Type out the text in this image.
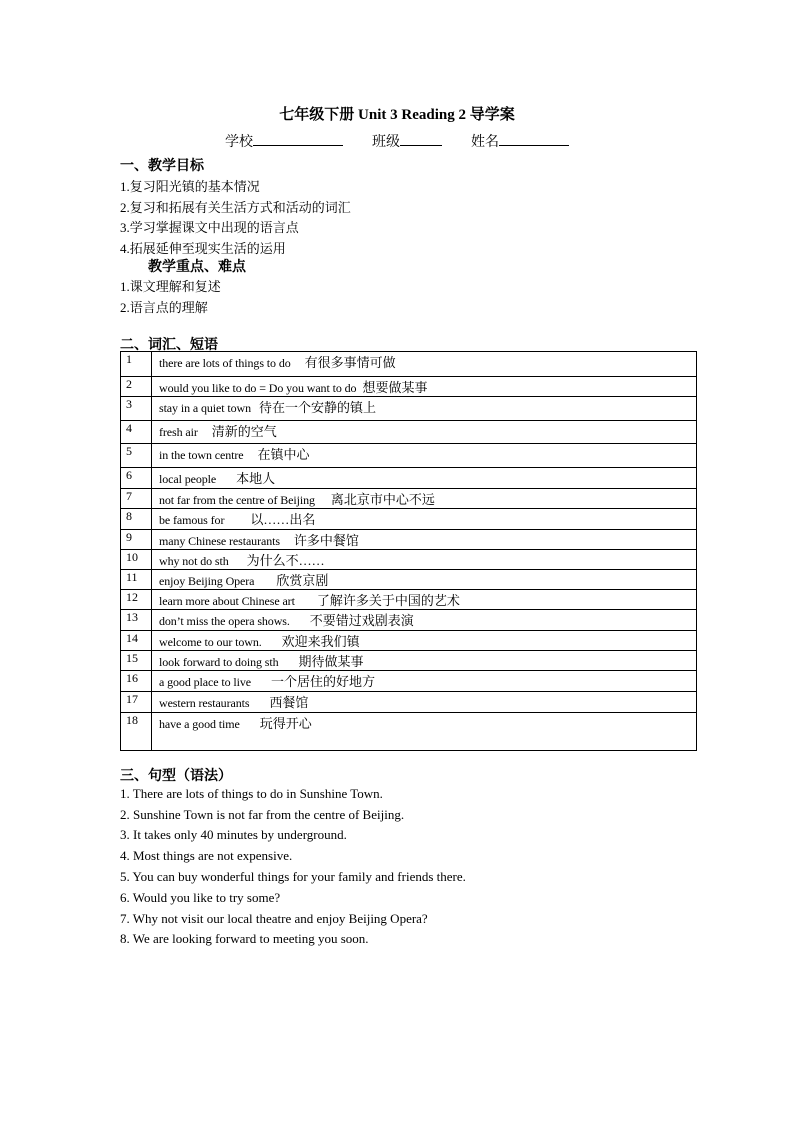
七年级下册 Unit 3 Reading 2 导学案
学校	班级	姓名
一、教学目标
1.复习阳光镇的基本情况
2.复习和拓展有关生活方式和活动的词汇
3.学习掌握课文中出现的语言点
4.拓展延伸至现实生活的运用
教学重点、难点
1.课文理解和复述
2.语言点的理解
二、词汇、短语
1	there are lots of things to do 有很多事情可做
2	would you like to do = Do you want to do 想要做某事
3	stay in a quiet town 待在一个安静的镇上
4	fresh air 清新的空气
5	in the town centre 在镇中心
6	local people 本地人
7	not far from the centre of Beijing 离北京市中心不远
8	be famous for 以……出名
9	many Chinese restaurants 许多中餐馆
10	why not do sth 为什么不……
11	enjoy Beijing Opera 欣赏京剧
12	learn more about Chinese art 了解许多关于中国的艺术
13	don’t miss the opera shows. 不要错过戏剧表演
14	welcome to our town. 欢迎来我们镇
15	look forward to doing sth 期待做某事
16	a good place to live 一个居住的好地方
17	western restaurants 西餐馆
18	have a good time 玩得开心
三、句型（语法）
1. There are lots of things to do in Sunshine Town.
2. Sunshine Town is not far from the centre of Beijing.
3. It takes only 40 minutes by underground.
4. Most things are not expensive.
5. You can buy wonderful things for your family and friends there.
6. Would you like to try some?
7. Why not visit our local theatre and enjoy Beijing Opera?
8. We are looking forward to meeting you soon.
